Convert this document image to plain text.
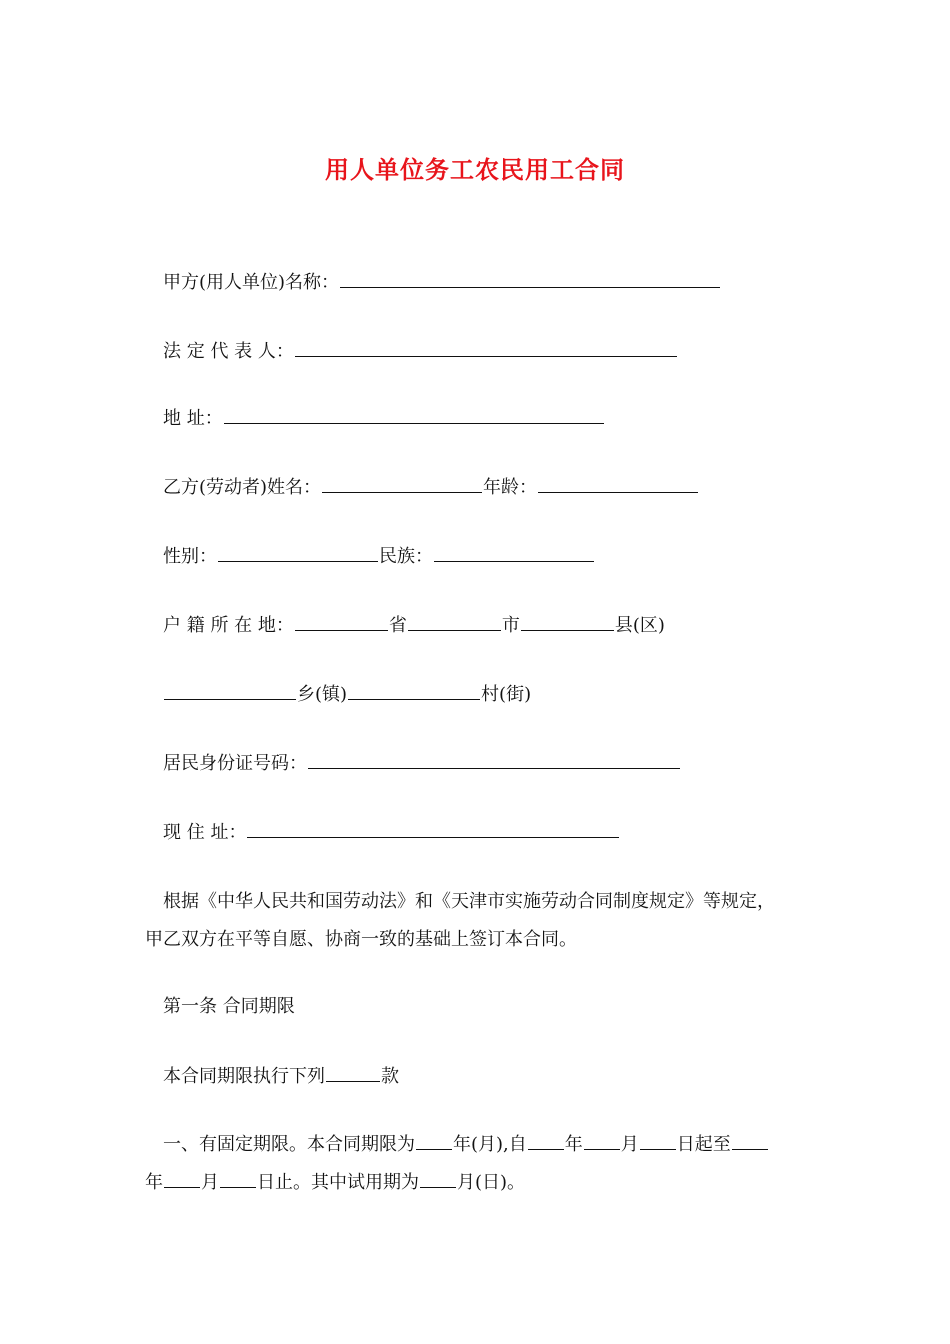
用人单位务工农民用工合同
甲方(用人单位)名称：
法 定 代 表 人：
地 址：
乙方(劳动者)姓名：	年龄：
性别：	民族：
户 籍 所 在 地：	省	市	县(区)
乡(镇)	村(街)
居民身份证号码：
现 住 址：
根据《中华人民共和国劳动法》和《天津市实施劳动合同制度规定》等规定，
甲乙双方在平等自愿、协商一致的基础上签订本合同。
第一条 合同期限
本合同期限执行下列	款
一、有固定期限。本合同期限为 年(月),自 年 月 日起至
年 月 日止。其中试用期为 月(日)。
